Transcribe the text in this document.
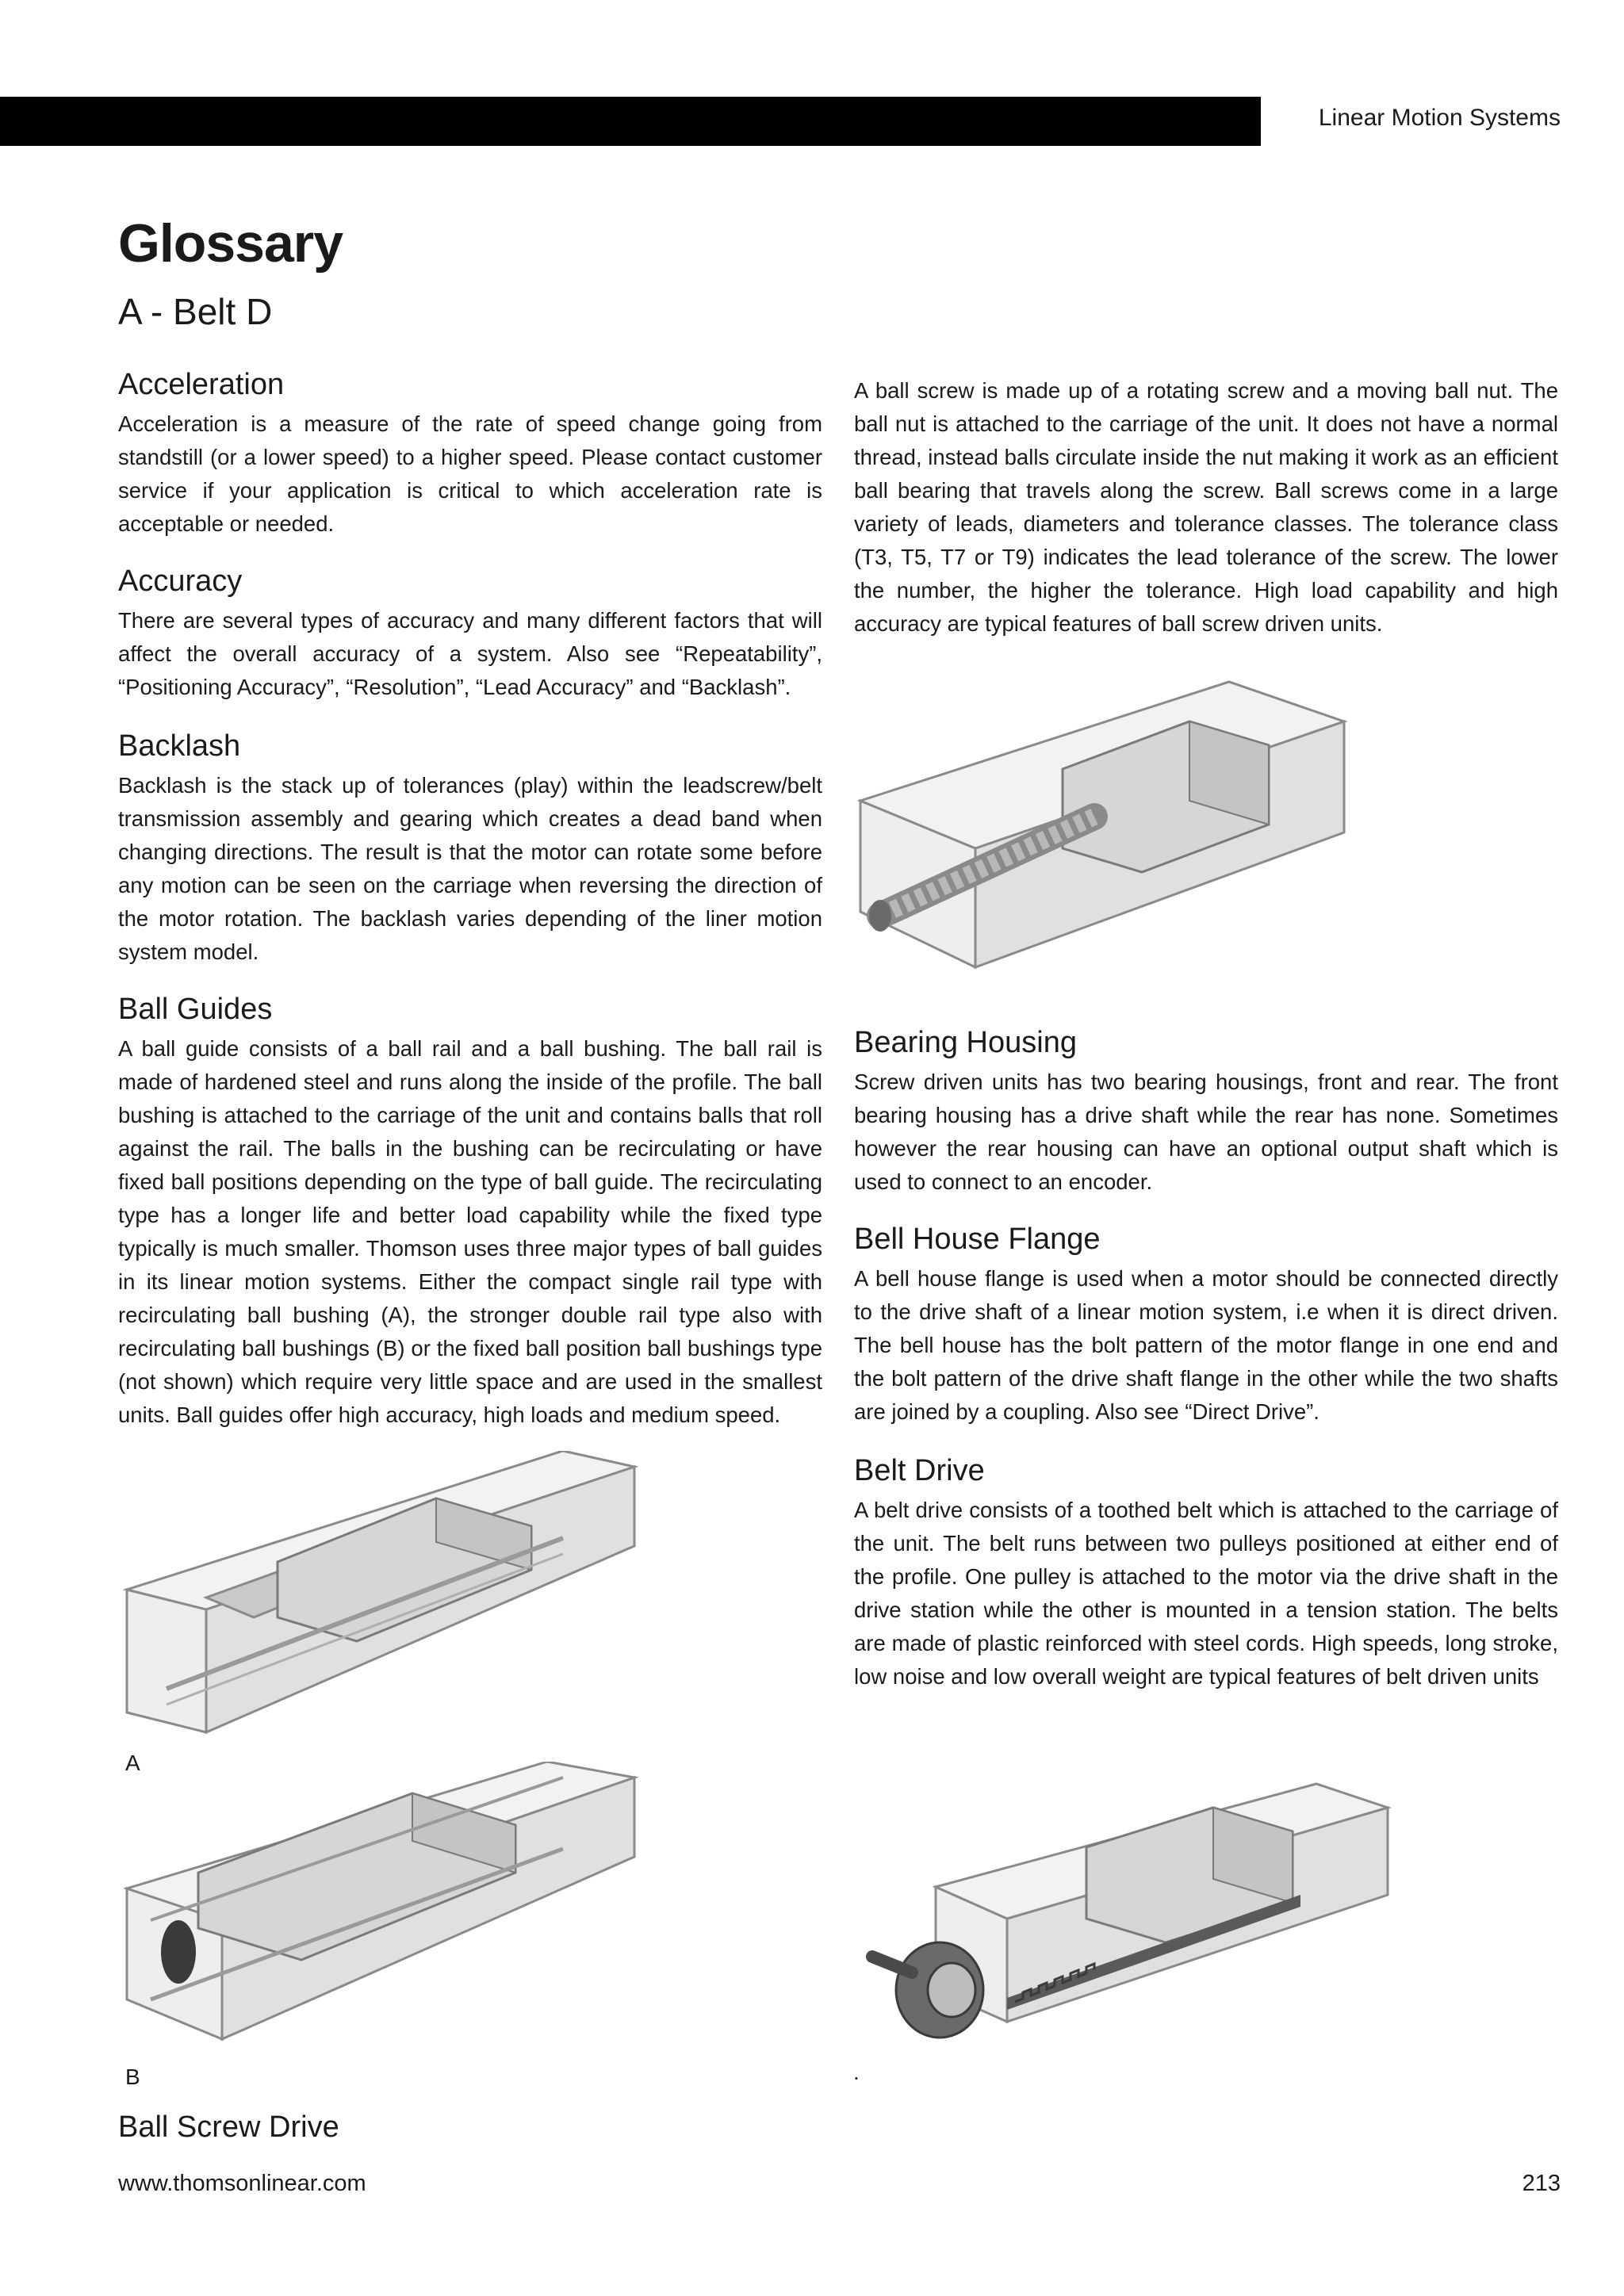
Linear Motion Systems
Glossary
A - Belt D
Acceleration

Acceleration is a measure of the rate of speed change going from standstill (or a lower speed) to a higher speed. Please contact customer service if your application is critical to which acceleration rate is acceptable or needed.

Accuracy

There are several types of accuracy and many different factors that will affect the overall accuracy of a system. Also see “Repeatability”, “Positioning Accuracy”, “Resolution”, “Lead Accuracy” and “Backlash”.

Backlash

Backlash is the stack up of tolerances (play) within the leadscrew/belt transmission assembly and gearing which creates a dead band when changing directions. The result is that the motor can rotate some before any motion can be seen on the carriage when reversing the direction of the motor rotation. The backlash varies depending of the liner motion system model.

Ball Guides

A ball guide consists of a ball rail and a ball bushing. The ball rail is made of hardened steel and runs along the inside of the profile. The ball bushing is attached to the carriage of the unit and contains balls that roll against the rail. The balls in the bushing can be recirculating or have fixed ball positions depending on the type of ball guide. The recirculating type has a longer life and better load capability while the fixed type typically is much smaller. Thomson uses three major types of ball guides in its linear motion systems. Either the compact single rail type with recirculating ball bushing (A), the stronger double rail type also with recirculating ball bushings (B) or the fixed ball position ball bushings type (not shown) which require very little space and are used in the smallest units. Ball guides offer high accuracy, high loads and medium speed.

A
B
Ball Screw Drive

A ball screw is made up of a rotating screw and a moving ball nut. The ball nut is attached to the carriage of the unit. It does not have a normal thread, instead balls circulate inside the nut making it work as an efficient ball bearing that travels along the screw. Ball screws come in a large variety of leads, diameters and tolerance classes. The tolerance class (T3, T5, T7 or T9) indicates the lead tolerance of the screw. The lower the number, the higher the tolerance. High load capability and high accuracy are typical features of ball screw driven units.

Bearing Housing

Screw driven units has two bearing housings, front and rear. The front bearing housing has a drive shaft while the rear has none. Sometimes however the rear housing can have an optional output shaft which is used to connect to an encoder.

Bell House Flange

A bell house flange is used when a motor should be connected directly to the drive shaft of a linear motion system, i.e when it is direct driven. The bell house has the bolt pattern of the motor flange in one end and the bolt pattern of the drive shaft flange in the other while the two shafts are joined by a coupling. Also see “Direct Drive”.

Belt Drive

A belt drive consists of a toothed belt which is attached to the carriage of the unit. The belt runs between two pulleys positioned at either end of the profile. One pulley is attached to the motor via the drive shaft in the drive station while the other is mounted in a tension station. The belts are made of plastic reinforced with steel cords. High speeds, long stroke, low noise and low overall weight are typical features of belt driven units

.
www.thomsonlinear.com	213
